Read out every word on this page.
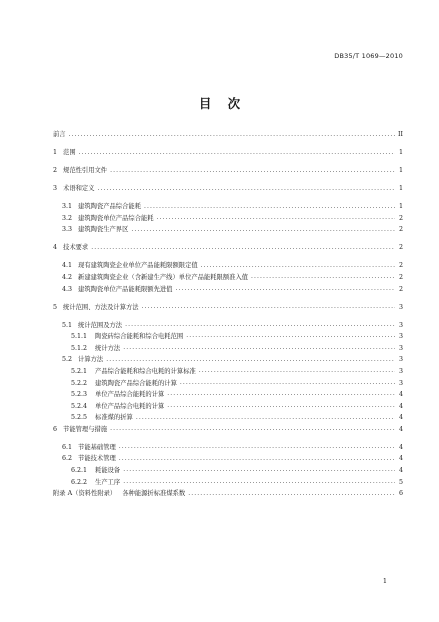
DB35/T 1069—2010
目 次
前言 .....	II
1 范围 .....	1
2 规范性引用文件 .....	1
3 术语和定义 .....	1
3.1 建筑陶瓷产品综合能耗 .....	1
3.2 建筑陶瓷单位产品综合能耗 .....	2
3.3 建筑陶瓷生产界区 .....	2
4 技术要求 .....	2
4.1 现有建筑陶瓷企业单位产品能耗限额限定值 .....	2
4.2 新建建筑陶瓷企业（含新建生产线）单位产品能耗限额准入值 .....	2
4.3 建筑陶瓷单位产品能耗限额先进值 .....	2
5 统计范围、方法及计算方法 .....	3
5.1 统计范围及方法 .....	3
5.1.1 陶瓷砖综合能耗和综合电耗范围 .....	3
5.1.2 统计方法 .....	3
5.2 计算方法 .....	3
5.2.1 产品综合能耗和综合电耗的计算标准 .....	3
5.2.2 建筑陶瓷产品综合能耗的计算 .....	3
5.2.3 单位产品综合能耗的计算 .....	4
5.2.4 单位产品综合电耗的计算 .....	4
5.2.5 标准煤的折算 .....	4
6 节能管理与措施 .....	4
6.1 节能基础管理 .....	4
6.2 节能技术管理 .....	4
6.2.1 耗能设备 .....	4
6.2.2 生产工序 .....	5
附录 A（资料性附录） 各种能源折标准煤系数 .....	6
1
